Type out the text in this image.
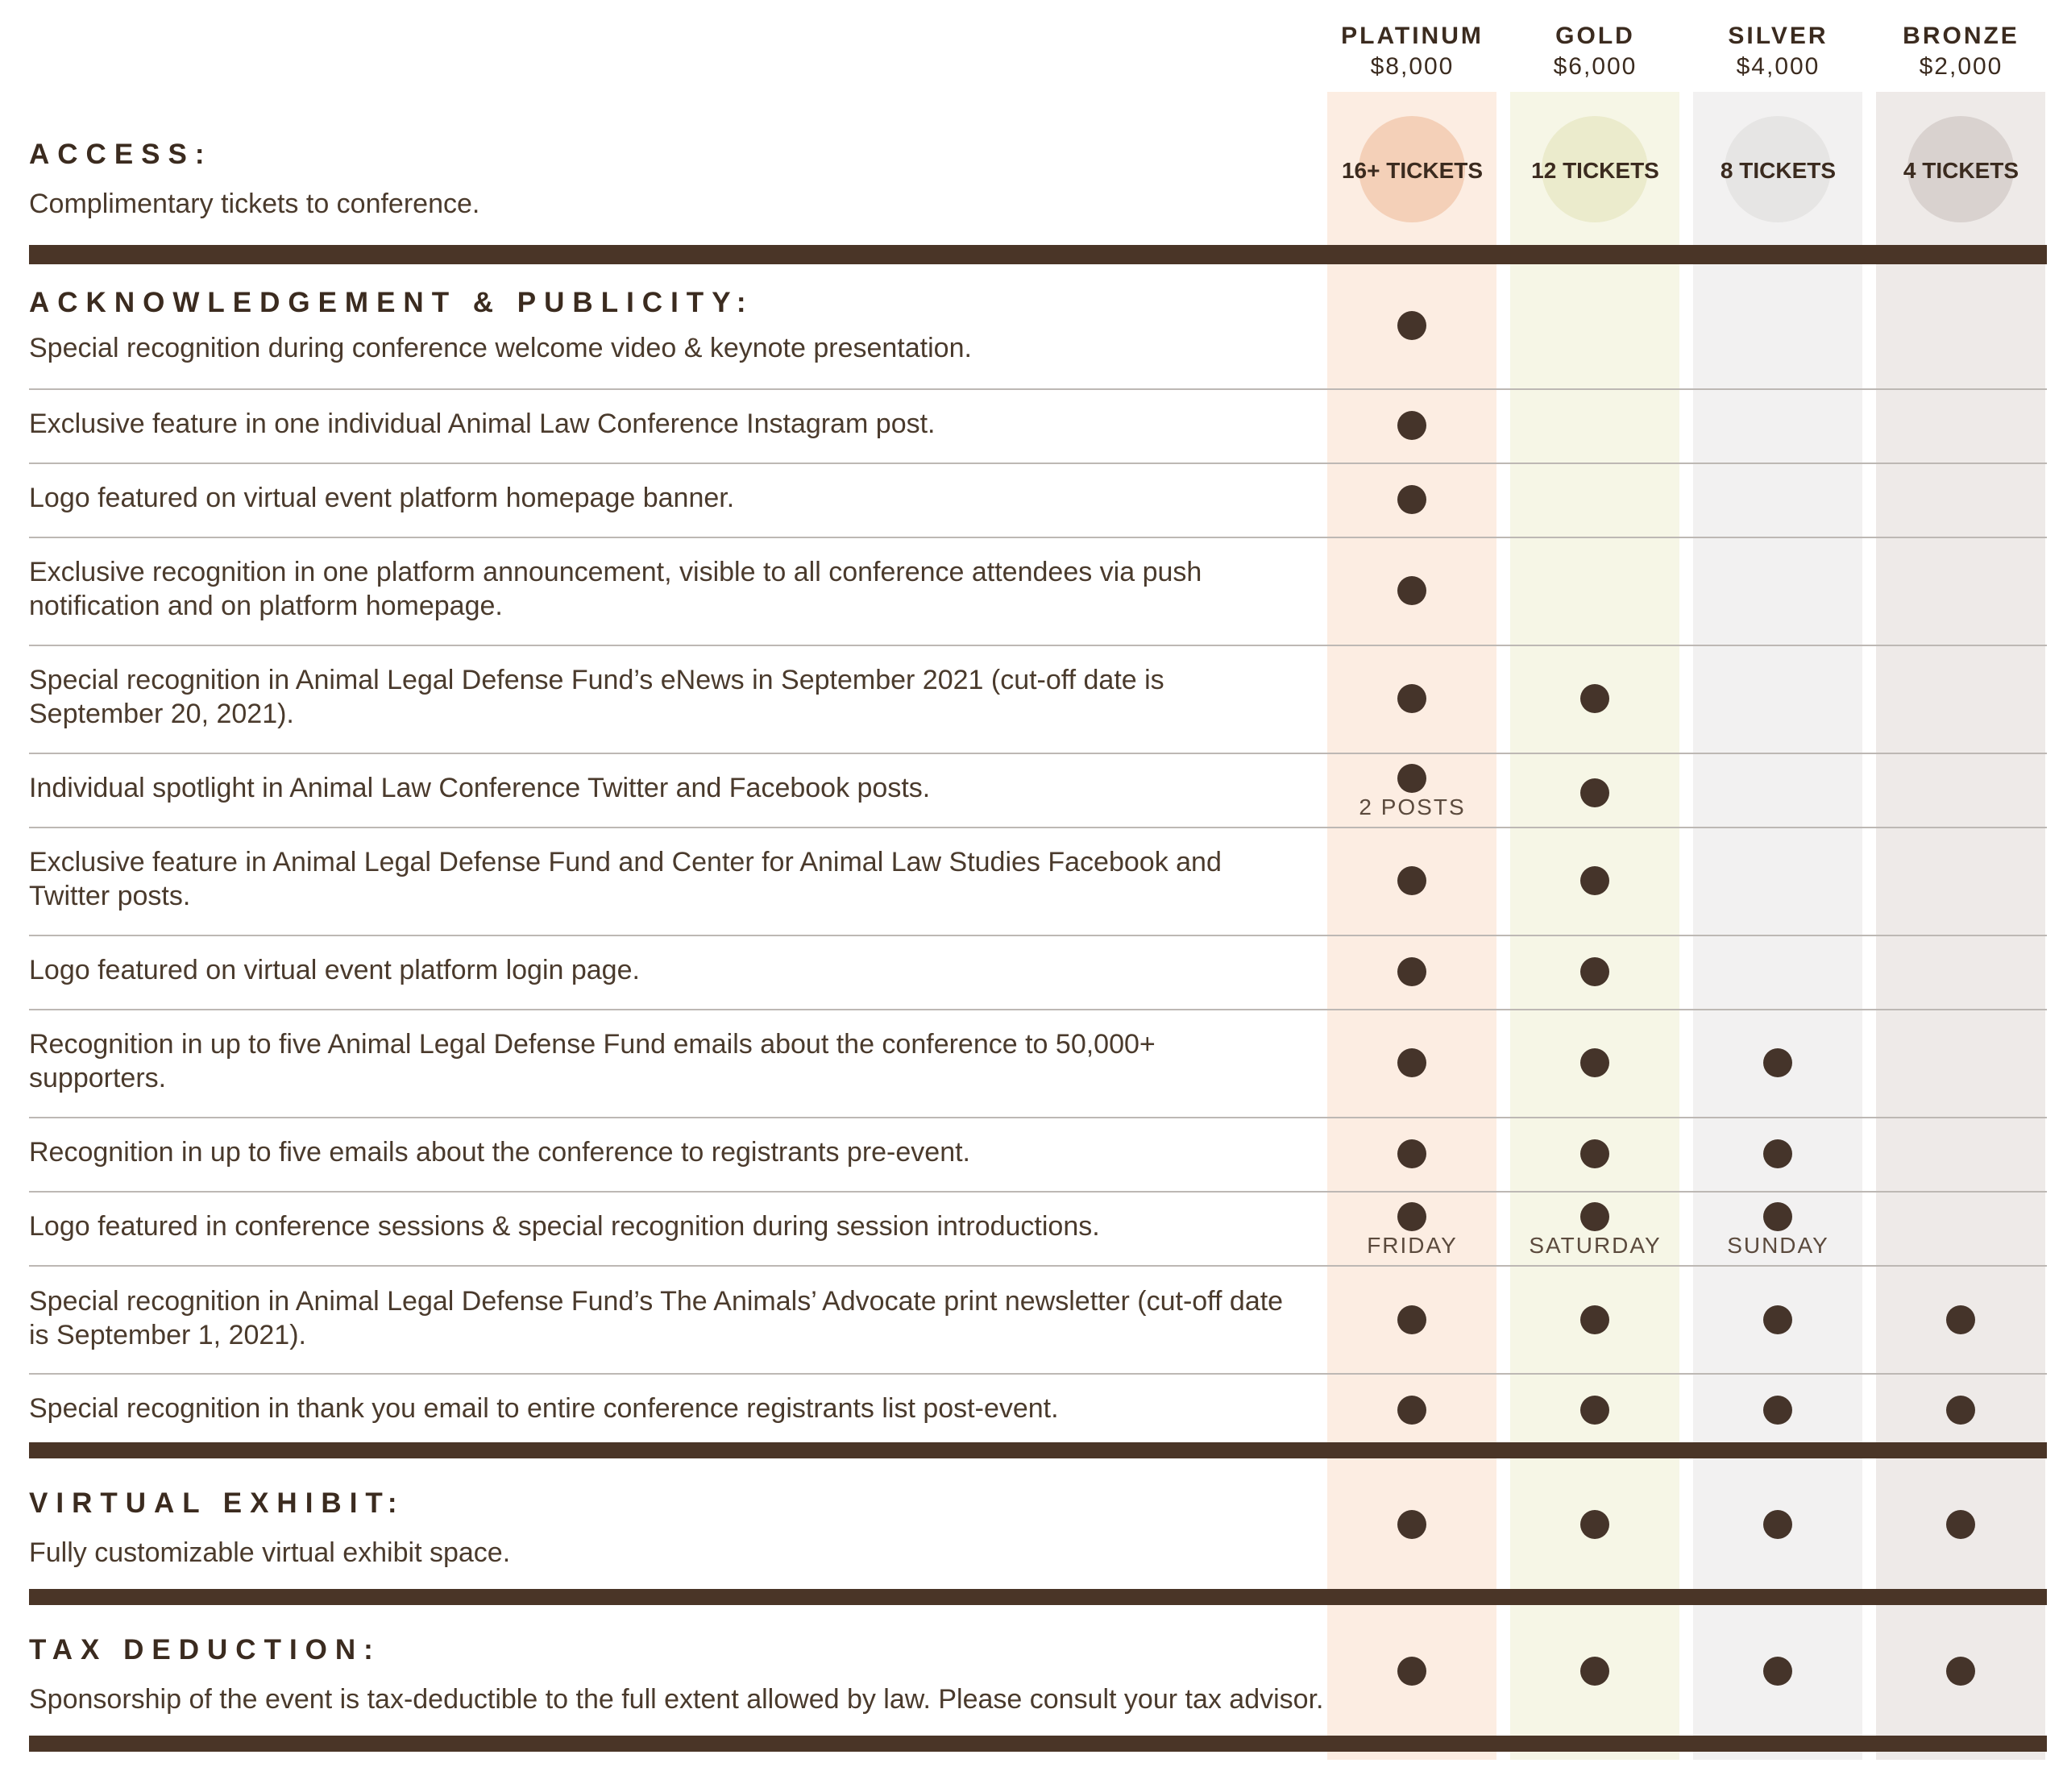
PLATINUM
$8,000
16+ TICKETS
GOLD
$6,000
12 TICKETS
SILVER
$4,000
8 TICKETS
BRONZE
$2,000
4 TICKETS
ACCESS:
Complimentary tickets to conference.
ACKNOWLEDGEMENT & PUBLICITY:
Special recognition during conference welcome video & keynote presentation.
Exclusive feature in one individual Animal Law Conference Instagram post.
Logo featured on virtual event platform homepage banner.
Exclusive recognition in one platform announcement, visible to all conference attendees via push notification and on platform homepage.
Special recognition in Animal Legal Defense Fund’s eNews in September 2021 (cut-off date is September 20, 2021).
Individual spotlight in Animal Law Conference Twitter and Facebook posts.
2 POSTS
Exclusive feature in Animal Legal Defense Fund and Center for Animal Law Studies Facebook and Twitter posts.
Logo featured on virtual event platform login page.
Recognition in up to five Animal Legal Defense Fund emails about the conference to 50,000+ supporters.
Recognition in up to five emails about the conference to registrants pre-event.
Logo featured in conference sessions & special recognition during session introductions.
FRIDAY	SATURDAY	SUNDAY
Special recognition in Animal Legal Defense Fund’s The Animals’ Advocate print newsletter (cut-off date is September 1, 2021).
Special recognition in thank you email to entire conference registrants list post-event.
VIRTUAL EXHIBIT:
Fully customizable virtual exhibit space.
TAX DEDUCTION:
Sponsorship of the event is tax-deductible to the full extent allowed by law. Please consult your tax advisor.
